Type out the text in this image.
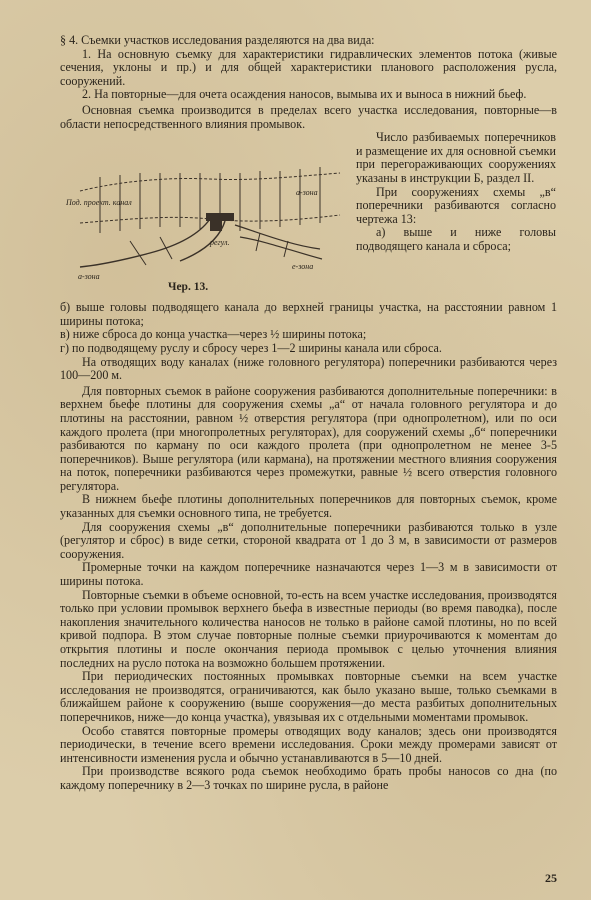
§ 4. Съемки участков исследования разделяются на два вида:

1. На основную съемку для характеристики гидравлических элементов потока (живые сечения, уклоны и пр.) и для общей характеристики планового расположения русла, сооружений.

2. На повторные—для очета осаждения наносов, вымыва их и выноса в нижний бьеф.

Основная съемка производится в пределах всего участка исследования, повторные—в области непосредственного влияния промывок.

Под. проект. канал
регул.
а-зона
е-зона
а-зона
Чер. 13.

Число разбиваемых поперечников и размещение их для основной съемки при перегораживающих сооружениях указаны в инструкции Б, раздел II.

При сооружениях схемы „в“ поперечники разбиваются согласно чертежа 13:

а) выше и ниже головы подводящего канала и сброса;

б) выше головы подводящего канала до верхней границы участка, на расстоянии равном 1 ширины потока;

в) ниже сброса до конца участка—через ½ ширины потока;

г) по подводящему руслу и сбросу через 1—2 ширины канала или сброса.

На отводящих воду каналах (ниже головного регулятора) поперечники разбиваются через 100—200 м.

Для повторных съемок в районе сооружения разбиваются дополнительные поперечники: в верхнем бьефе плотины для сооружения схемы „а“ от начала головного регулятора и до плотины на расстоянии, равном ½ отверстия регулятора (при однопролетном), или по оси каждого пролета (при многопролетных регуляторах), для сооружений схемы „б“ поперечники разбиваются по карману по оси каждого пролета (при однопролетном не менее 3-5 поперечников). Выше регулятора (или кармана), на протяжении местного влияния сооружения на поток, поперечники разбиваются через промежутки, равные ½ всего отверстия головного регулятора.

В нижнем бьефе плотины дополнительных поперечников для повторных съемок, кроме указанных для съемки основного типа, не требуется.

Для сооружения схемы „в“ дополнительные поперечники разбиваются только в узле (регулятор и сброс) в виде сетки, стороной квадрата от 1 до 3 м, в зависимости от размеров сооружения.

Промерные точки на каждом поперечнике назначаются через 1—3 м в зависимости от ширины потока.

Повторные съемки в объеме основной, то-есть на всем участке исследования, производятся только при условии промывок верхнего бьефа в известные периоды (во время паводка), после накопления значительного количества наносов не только в районе самой плотины, но по всей кривой подпора. В этом случае повторные полные съемки приурочиваются к моментам до открытия плотины и после окончания периода промывок с целью уточнения влияния последних на русло потока на возможно большем протяжении.

При периодических постоянных промывках повторные съемки на всем участке исследования не производятся, ограничиваются, как было указано выше, только съемками в ближайшем районе к сооружению (выше сооружения—до места разбитых дополнительных поперечников, ниже—до конца участка), увязывая их с отдельными моментами промывок.

Особо ставятся повторные промеры отводящих воду каналов; здесь они производятся периодически, в течение всего времени исследования. Сроки между промерами зависят от интенсивности изменения русла и обычно устанавливаются в 5—10 дней.

При производстве всякого рода съемок необходимо брать пробы наносов со дна (по каждому поперечнику в 2—3 точках по ширине русла, в районе

25
